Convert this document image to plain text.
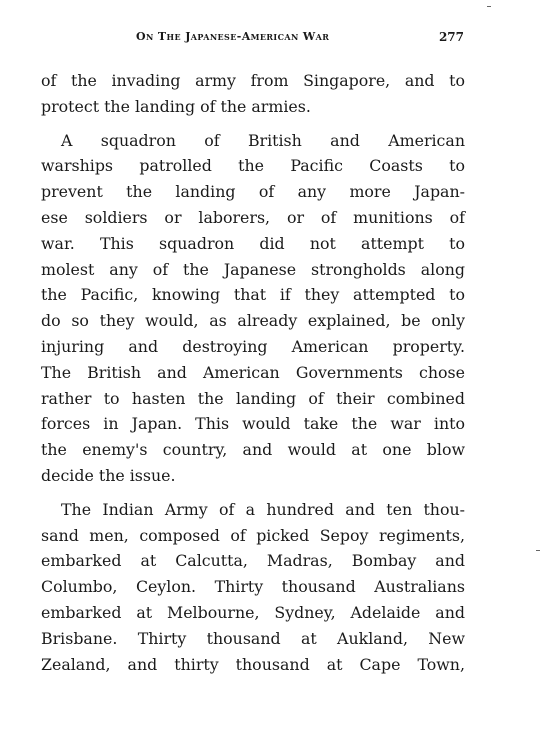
On The Japanese-American War	277
of the invading army from Singapore, and to
protect the landing of the armies.
A squadron of British and American
warships patrolled the Pacific Coasts to
prevent the landing of any more Japan-
ese soldiers or laborers, or of munitions of
war. This squadron did not attempt to
molest any of the Japanese strongholds along
the Pacific, knowing that if they attempted to
do so they would, as already explained, be only
injuring and destroying American property.
The British and American Governments chose
rather to hasten the landing of their combined
forces in Japan. This would take the war into
the enemy's country, and would at one blow
decide the issue.
The Indian Army of a hundred and ten thou-
sand men, composed of picked Sepoy regiments,
embarked at Calcutta, Madras, Bombay and
Columbo, Ceylon. Thirty thousand Australians
embarked at Melbourne, Sydney, Adelaide and
Brisbane. Thirty thousand at Aukland, New
Zealand, and thirty thousand at Cape Town,
